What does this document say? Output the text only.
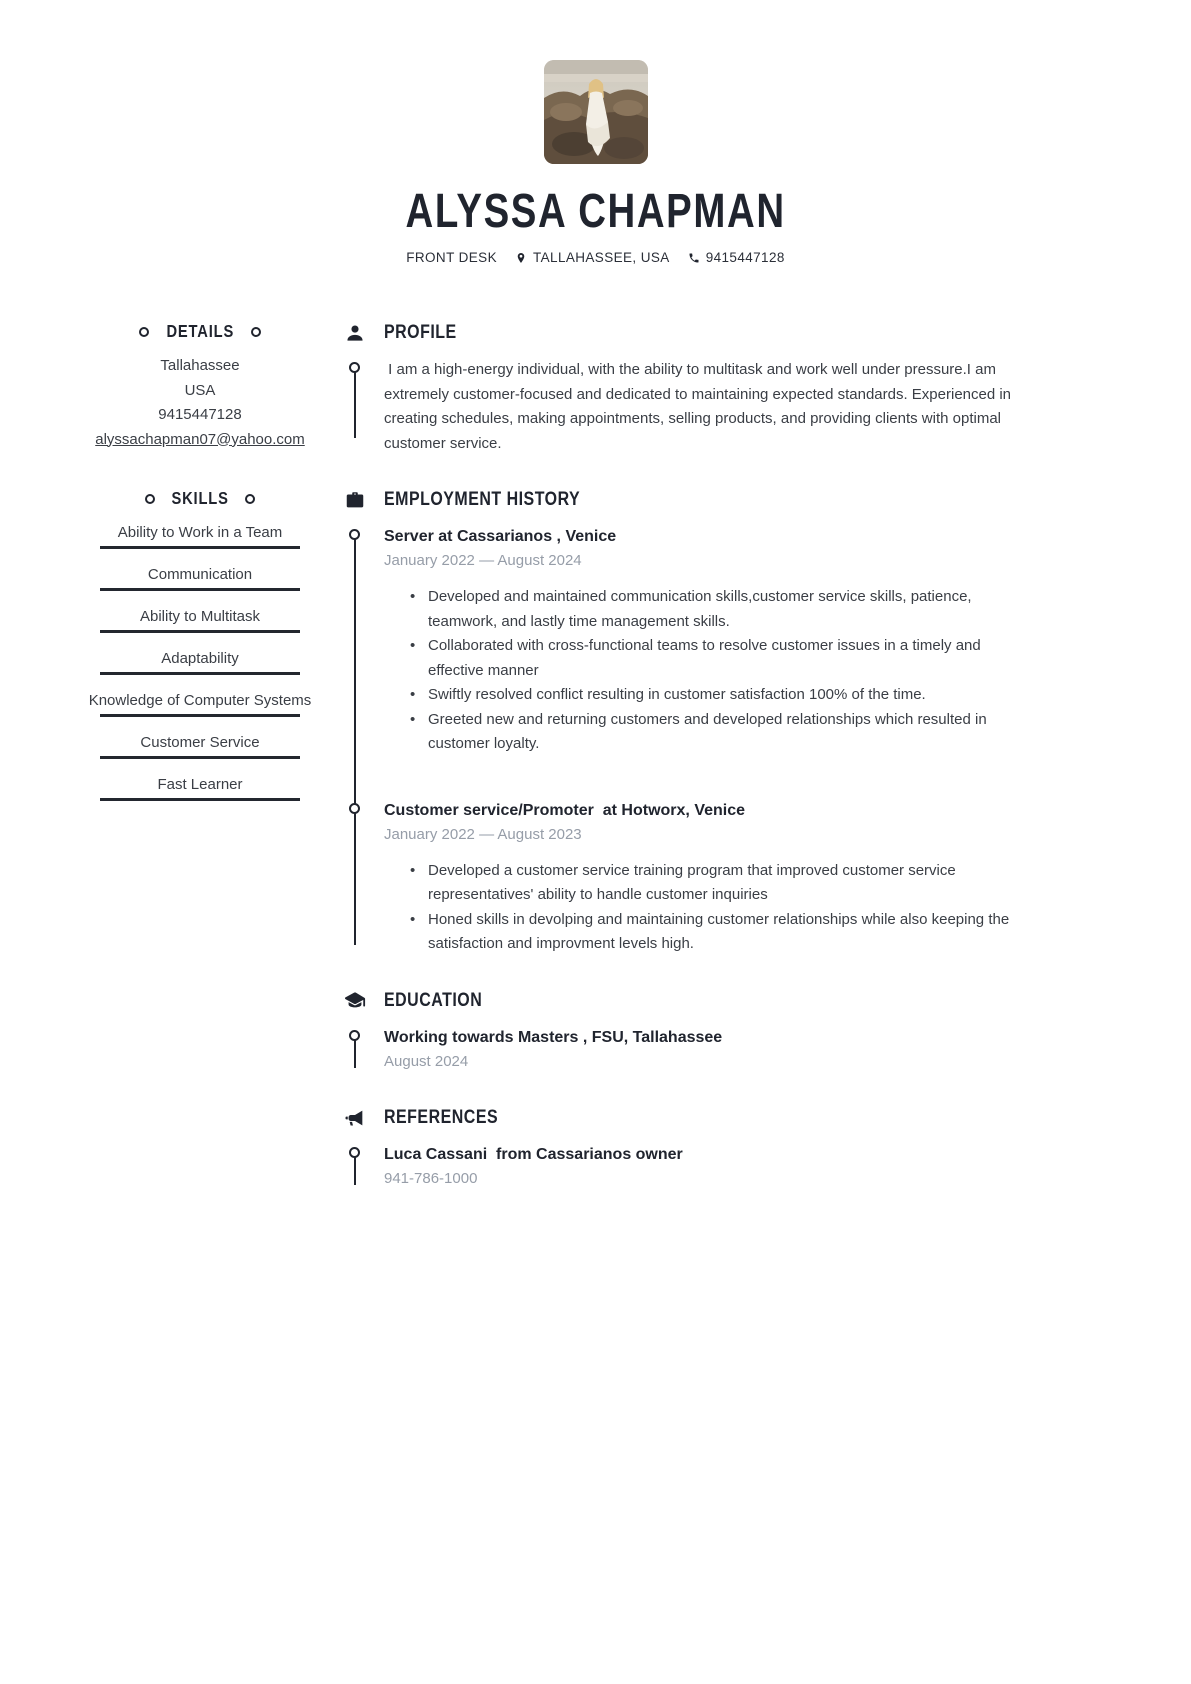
ALYSSA CHAPMAN
FRONT DESK	TALLAHASSEE, USA	9415447128
DETAILS
Tallahassee
USA
9415447128
alyssachapman07@yahoo.com
SKILLS
Ability to Work in a Team
Communication
Ability to Multitask
Adaptability
Knowledge of Computer Systems
Customer Service
Fast Learner
PROFILE
I am a high-energy individual, with the ability to multitask and work well under pressure.I am extremely customer-focused and dedicated to maintaining expected standards. Experienced in creating schedules, making appointments, selling products, and providing clients with optimal customer service.
EMPLOYMENT HISTORY
Server at Cassarianos , Venice
January 2022 — August 2024
• Developed and maintained communication skills,customer service skills, patience, teamwork, and lastly time management skills.
• Collaborated with cross-functional teams to resolve customer issues in a timely and effective manner
• Swiftly resolved conflict resulting in customer satisfaction 100% of the time.
• Greeted new and returning customers and developed relationships which resulted in customer loyalty.
Customer service/Promoter  at Hotworx, Venice
January 2022 — August 2023
• Developed a customer service training program that improved customer service representatives' ability to handle customer inquiries
• Honed skills in devolping and maintaining customer relationships while also keeping the satisfaction and improvment levels high.
EDUCATION
Working towards Masters , FSU, Tallahassee
August 2024
REFERENCES
Luca Cassani  from Cassarianos owner
941-786-1000
